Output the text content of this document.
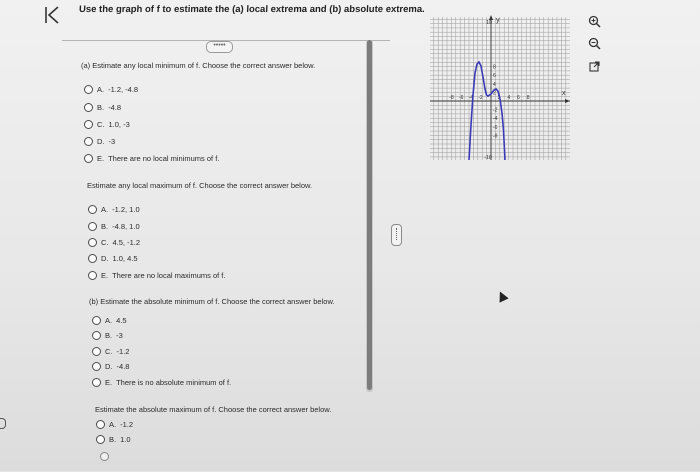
Use the graph of f to estimate the (a) local extrema and (b) absolute extrema.
•••••
(a) Estimate any local minimum of f. Choose the correct answer below.
A. -1.2, -4.8
B. -4.8
C. 1.0, -3
D. -3
E. There are no local minimums of f.
Estimate any local maximum of f. Choose the correct answer below.
A. -1.2, 1.0
B. -4.8, 1.0
C. 4.5, -1.2
D. 1.0, 4.5
E. There are no local maximums of f.
(b) Estimate the absolute minimum of f. Choose the correct answer below.
A. 4.5
B. -3
C. -1.2
D. -4.8
E. There is no absolute minimum of f.
Estimate the absolute maximum of f. Choose the correct answer below.
A. -1.2
B. 1.0
y
x
10
-10
-8 -6 -4 -2	2 4 6 8
8
6
4
2
-2
-4
-6
-8
